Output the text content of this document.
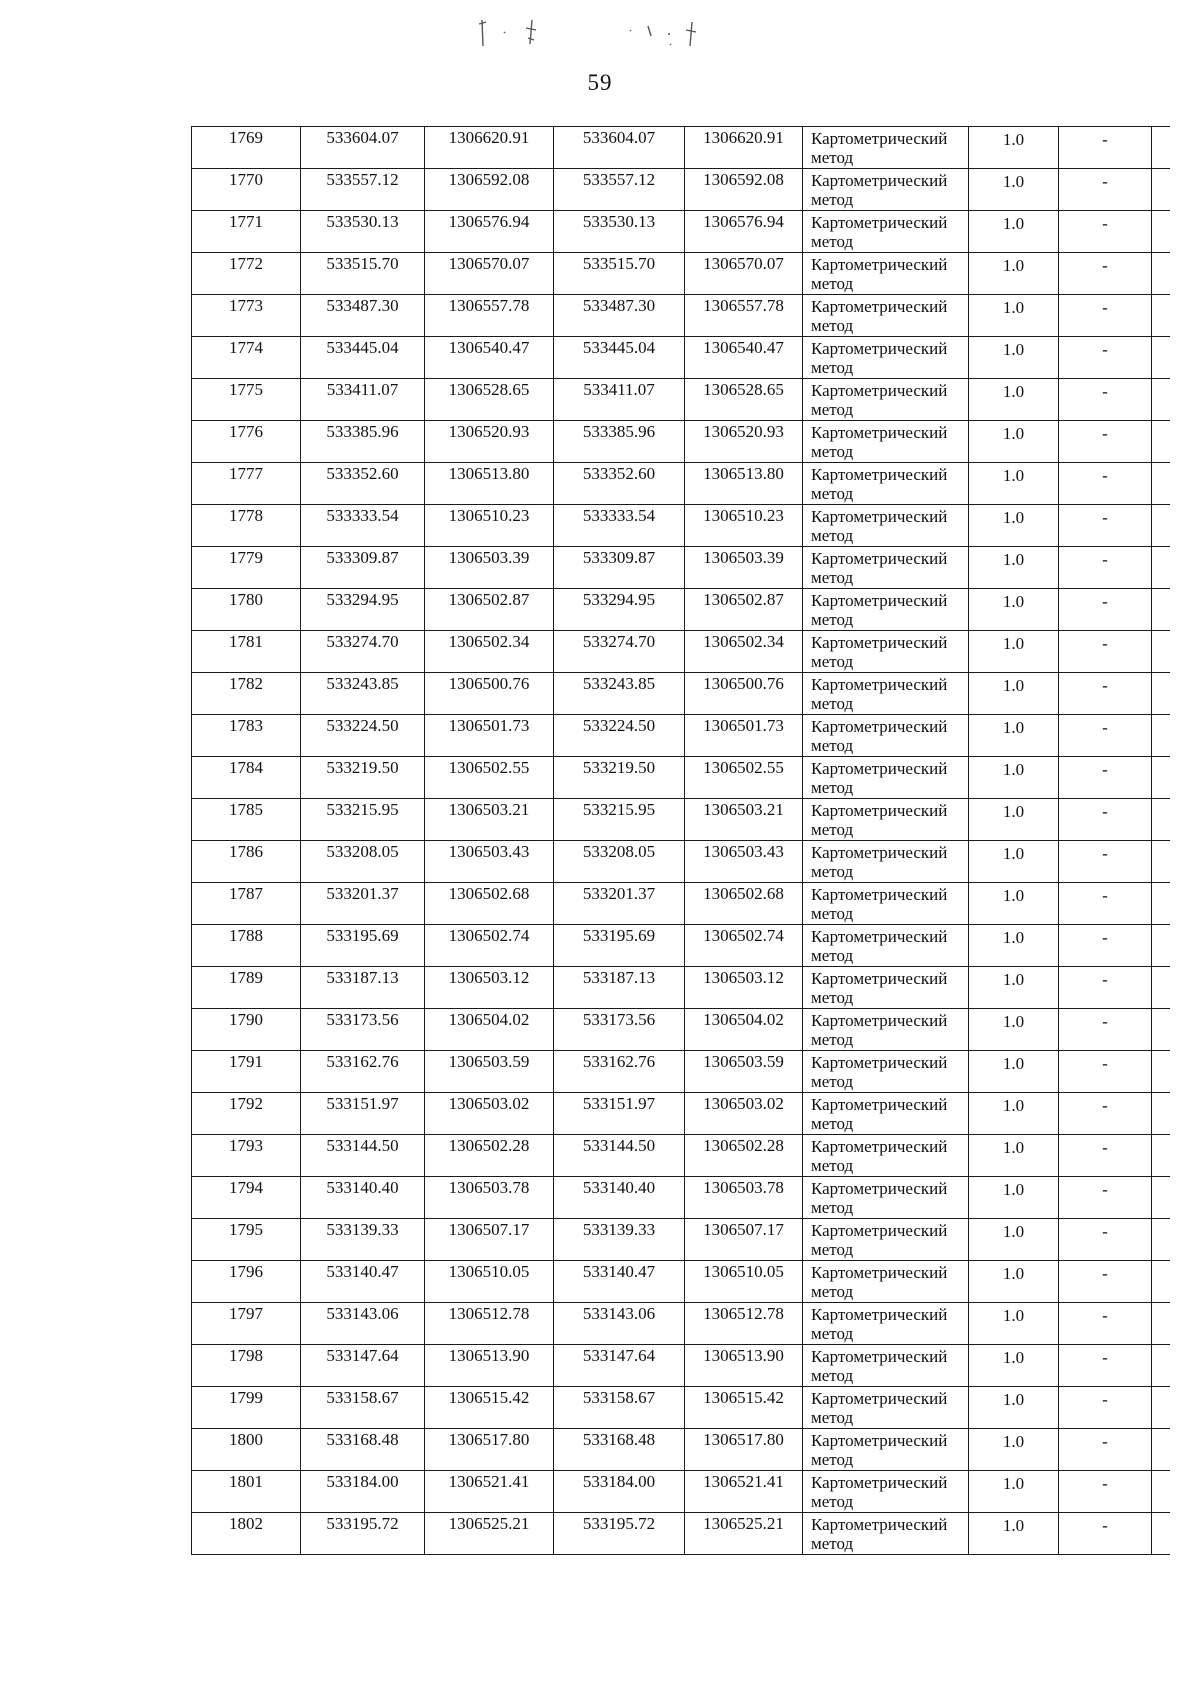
59
1769	533604.07	1306620.91	533604.07	1306620.91	Картометрический метод	1.0	-	
1770	533557.12	1306592.08	533557.12	1306592.08	Картометрический метод	1.0	-	
1771	533530.13	1306576.94	533530.13	1306576.94	Картометрический метод	1.0	-	
1772	533515.70	1306570.07	533515.70	1306570.07	Картометрический метод	1.0	-	
1773	533487.30	1306557.78	533487.30	1306557.78	Картометрический метод	1.0	-	
1774	533445.04	1306540.47	533445.04	1306540.47	Картометрический метод	1.0	-	
1775	533411.07	1306528.65	533411.07	1306528.65	Картометрический метод	1.0	-	
1776	533385.96	1306520.93	533385.96	1306520.93	Картометрический метод	1.0	-	
1777	533352.60	1306513.80	533352.60	1306513.80	Картометрический метод	1.0	-	
1778	533333.54	1306510.23	533333.54	1306510.23	Картометрический метод	1.0	-	
1779	533309.87	1306503.39	533309.87	1306503.39	Картометрический метод	1.0	-	
1780	533294.95	1306502.87	533294.95	1306502.87	Картометрический метод	1.0	-	
1781	533274.70	1306502.34	533274.70	1306502.34	Картометрический метод	1.0	-	
1782	533243.85	1306500.76	533243.85	1306500.76	Картометрический метод	1.0	-	
1783	533224.50	1306501.73	533224.50	1306501.73	Картометрический метод	1.0	-	
1784	533219.50	1306502.55	533219.50	1306502.55	Картометрический метод	1.0	-	
1785	533215.95	1306503.21	533215.95	1306503.21	Картометрический метод	1.0	-	
1786	533208.05	1306503.43	533208.05	1306503.43	Картометрический метод	1.0	-	
1787	533201.37	1306502.68	533201.37	1306502.68	Картометрический метод	1.0	-	
1788	533195.69	1306502.74	533195.69	1306502.74	Картометрический метод	1.0	-	
1789	533187.13	1306503.12	533187.13	1306503.12	Картометрический метод	1.0	-	
1790	533173.56	1306504.02	533173.56	1306504.02	Картометрический метод	1.0	-	
1791	533162.76	1306503.59	533162.76	1306503.59	Картометрический метод	1.0	-	
1792	533151.97	1306503.02	533151.97	1306503.02	Картометрический метод	1.0	-	
1793	533144.50	1306502.28	533144.50	1306502.28	Картометрический метод	1.0	-	
1794	533140.40	1306503.78	533140.40	1306503.78	Картометрический метод	1.0	-	
1795	533139.33	1306507.17	533139.33	1306507.17	Картометрический метод	1.0	-	
1796	533140.47	1306510.05	533140.47	1306510.05	Картометрический метод	1.0	-	
1797	533143.06	1306512.78	533143.06	1306512.78	Картометрический метод	1.0	-	
1798	533147.64	1306513.90	533147.64	1306513.90	Картометрический метод	1.0	-	
1799	533158.67	1306515.42	533158.67	1306515.42	Картометрический метод	1.0	-	
1800	533168.48	1306517.80	533168.48	1306517.80	Картометрический метод	1.0	-	
1801	533184.00	1306521.41	533184.00	1306521.41	Картометрический метод	1.0	-	
1802	533195.72	1306525.21	533195.72	1306525.21	Картометрический метод	1.0	-	
